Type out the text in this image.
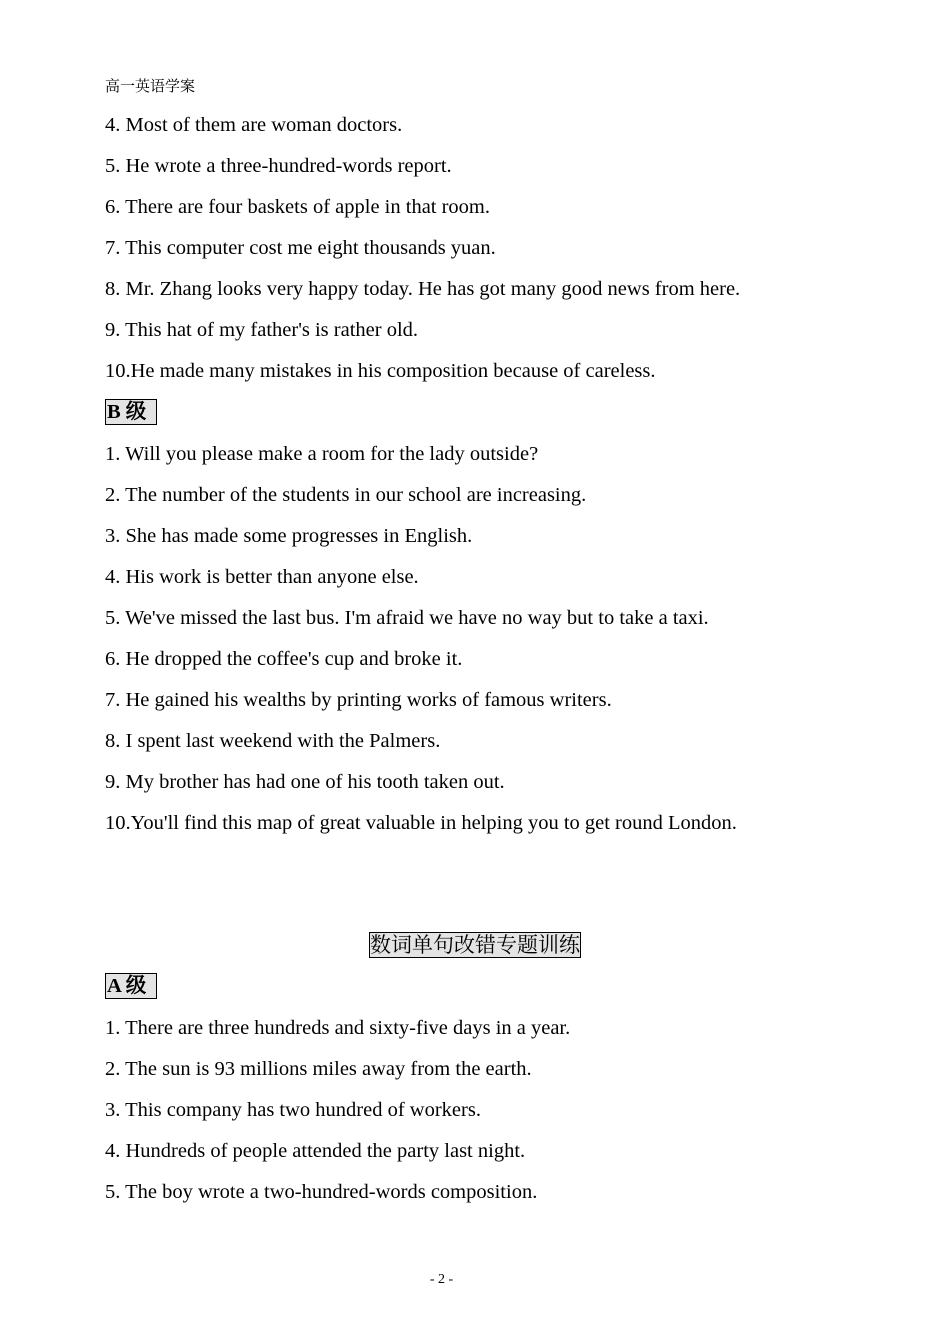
高一英语学案
4. Most of them are woman doctors.
5. He wrote a three-hundred-words report.
6. There are four baskets of apple in that room.
7. This computer cost me eight thousands yuan.
8. Mr. Zhang looks very happy today. He has got many good news from here.
9. This hat of my father's is rather old.
10.He made many mistakes in his composition because of careless.
B 级
1. Will you please make a room for the lady outside?
2. The number of the students in our school are increasing.
3. She has made some progresses in English.
4. His work is better than anyone else.
5. We've missed the last bus. I'm afraid we have no way but to take a taxi.
6. He dropped the coffee's cup and broke it.
7. He gained his wealths by printing works of famous writers.
8. I spent last weekend with the Palmers.
9. My brother has had one of his tooth taken out.
10.You'll find this map of great valuable in helping you to get round London.
数词单句改错专题训练
A 级
1. There are three hundreds and sixty-five days in a year.
2. The sun is 93 millions miles away from the earth.
3. This company has two hundred of workers.
4. Hundreds of people attended the party last night.
5. The boy wrote a two-hundred-words composition.
- 2 -
